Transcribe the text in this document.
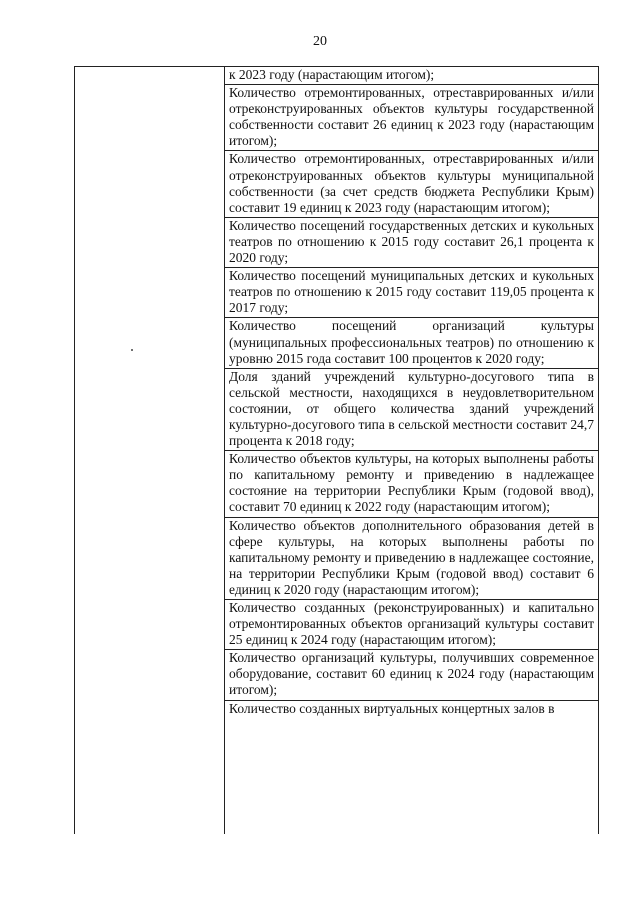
20
к 2023 году (нарастающим итогом);
Количество отремонтированных, отреставрированных и/или отреконструированных объектов культуры государственной собственности составит 26 единиц к 2023 году (нарастающим итогом);
Количество отремонтированных, отреставрированных и/или отреконструированных объектов культуры муниципальной собственности (за счет средств бюджета Республики Крым) составит 19 единиц к 2023 году (нарастающим итогом);
Количество посещений государственных детских и кукольных театров по отношению к 2015 году составит 26,1 процента к 2020 году;
Количество посещений муниципальных детских и кукольных театров по отношению к 2015 году составит 119,05 процента к 2017 году;
Количество посещений организаций культуры (муниципальных профессиональных театров) по отношению к уровню 2015 года составит 100 процентов к 2020 году;
Доля зданий учреждений культурно-досугового типа в сельской местности, находящихся в неудовлетворительном состоянии, от общего количества зданий учреждений культурно-досугового типа в сельской местности составит 24,7 процента к 2018 году;
Количество объектов культуры, на которых выполнены работы по капитальному ремонту и приведению в надлежащее состояние на территории Республики Крым (годовой ввод), составит 70 единиц к 2022 году (нарастающим итогом);
Количество объектов дополнительного образования детей в сфере культуры, на которых выполнены работы по капитальному ремонту и приведению в надлежащее состояние, на территории Республики Крым (годовой ввод) составит 6 единиц к 2020 году (нарастающим итогом);
Количество созданных (реконструированных) и капитально отремонтированных объектов организаций культуры составит 25 единиц к 2024 году (нарастающим итогом);
Количество организаций культуры, получивших современное оборудование, составит 60 единиц к 2024 году (нарастающим итогом);
Количество созданных виртуальных концертных залов в
